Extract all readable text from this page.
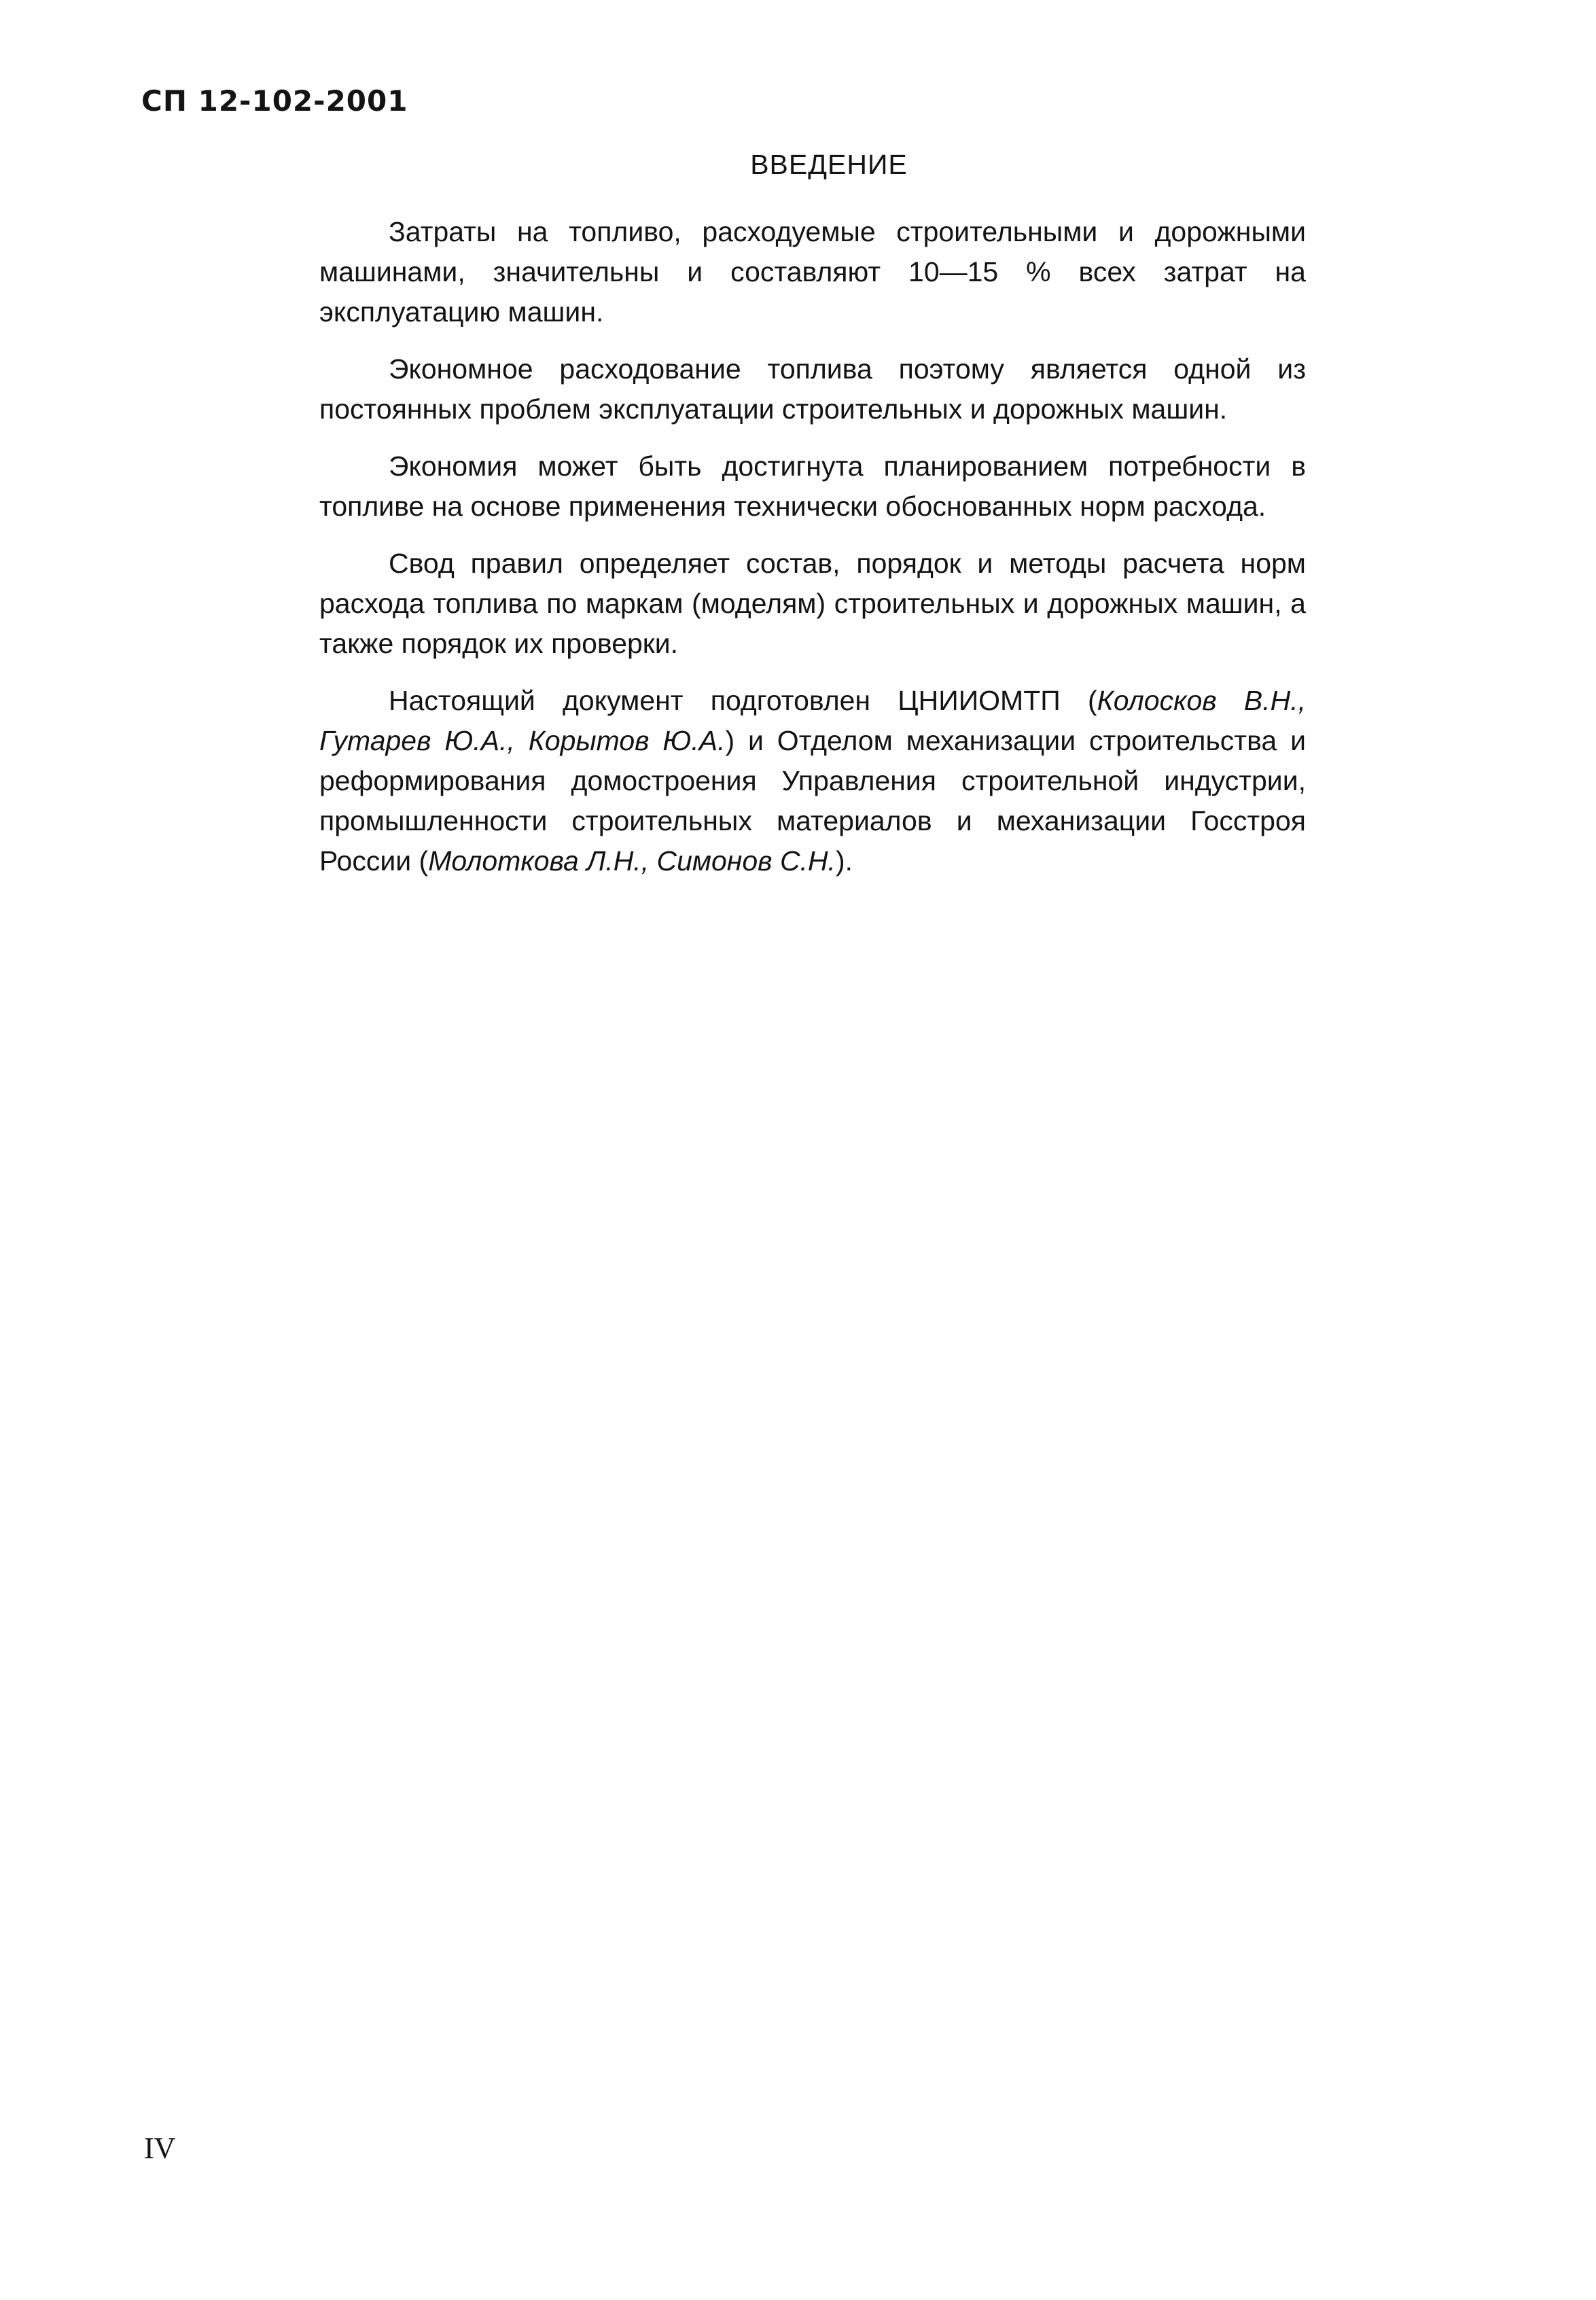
СП 12-102-2001
ВВЕДЕНИЕ

Затраты на топливо, расходуемые строительными и дорожными машинами, значительны и составляют 10—15 % всех затрат на эксплуатацию машин.

Экономное расходование топлива поэтому является одной из постоянных проблем эксплуатации строительных и дорожных машин.

Экономия может быть достигнута планированием потребности в топливе на основе применения технически обоснованных норм расхода.

Свод правил определяет состав, порядок и методы расчета норм расхода топлива по маркам (моделям) строительных и дорожных машин, а также порядок их проверки.

Настоящий документ подготовлен ЦНИИОМТП (Колосков В.Н., Гутарев Ю.А., Корытов Ю.А.) и Отделом механизации строительства и реформирования домостроения Управления строительной индустрии, промышленности строительных материалов и механизации Госстроя России (Молоткова Л.Н., Симонов С.Н.).

IV
